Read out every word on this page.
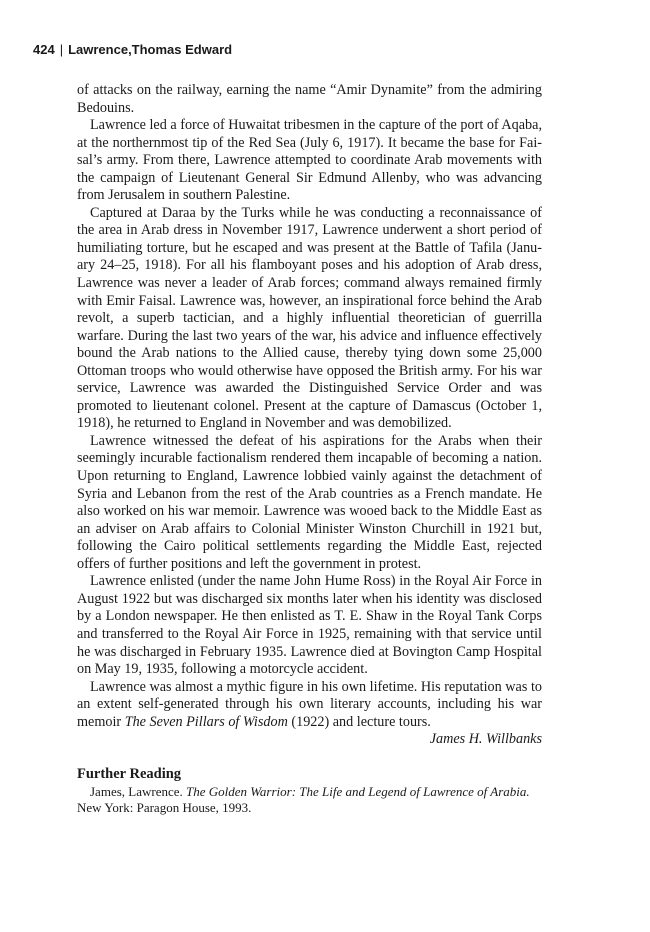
424 | Lawrence,Thomas Edward

of attacks on the railway, earning the name “Amir Dynamite” from the admiring Bedouins.

Lawrence led a force of Huwaitat tribesmen in the capture of the port of Aqaba, at the northernmost tip of the Red Sea (July 6, 1917). It became the base for Faisal’s army. From there, Lawrence attempted to coordinate Arab movements with the campaign of Lieutenant General Sir Edmund Allenby, who was advancing from Jerusalem in southern Palestine.

Captured at Daraa by the Turks while he was conducting a reconnaissance of the area in Arab dress in November 1917, Lawrence underwent a short period of humiliating torture, but he escaped and was present at the Battle of Tafila (January 24–25, 1918). For all his flamboyant poses and his adoption of Arab dress, Lawrence was never a leader of Arab forces; command always remained firmly with Emir Faisal. Lawrence was, however, an inspirational force behind the Arab revolt, a superb tactician, and a highly influential theoretician of guerrilla warfare. During the last two years of the war, his advice and influence effectively bound the Arab nations to the Allied cause, thereby tying down some 25,000 Ottoman troops who would otherwise have opposed the British army. For his war service, Lawrence was awarded the Distinguished Service Order and was promoted to lieutenant colonel. Present at the capture of Damascus (October 1, 1918), he returned to England in November and was demobilized.

Lawrence witnessed the defeat of his aspirations for the Arabs when their seemingly incurable factionalism rendered them incapable of becoming a nation. Upon returning to England, Lawrence lobbied vainly against the detachment of Syria and Lebanon from the rest of the Arab countries as a French mandate. He also worked on his war memoir. Lawrence was wooed back to the Middle East as an adviser on Arab affairs to Colonial Minister Winston Churchill in 1921 but, following the Cairo political settlements regarding the Middle East, rejected offers of further positions and left the government in protest.

Lawrence enlisted (under the name John Hume Ross) in the Royal Air Force in August 1922 but was discharged six months later when his identity was disclosed by a London newspaper. He then enlisted as T. E. Shaw in the Royal Tank Corps and transferred to the Royal Air Force in 1925, remaining with that service until he was discharged in February 1935. Lawrence died at Bovington Camp Hospital on May 19, 1935, following a motorcycle accident.

Lawrence was almost a mythic figure in his own lifetime. His reputation was to an extent self-generated through his own literary accounts, including his war memoir The Seven Pillars of Wisdom (1922) and lecture tours.

James H. Willbanks

Further Reading

James, Lawrence. The Golden Warrior: The Life and Legend of Lawrence of Arabia.
New York: Paragon House, 1993.
